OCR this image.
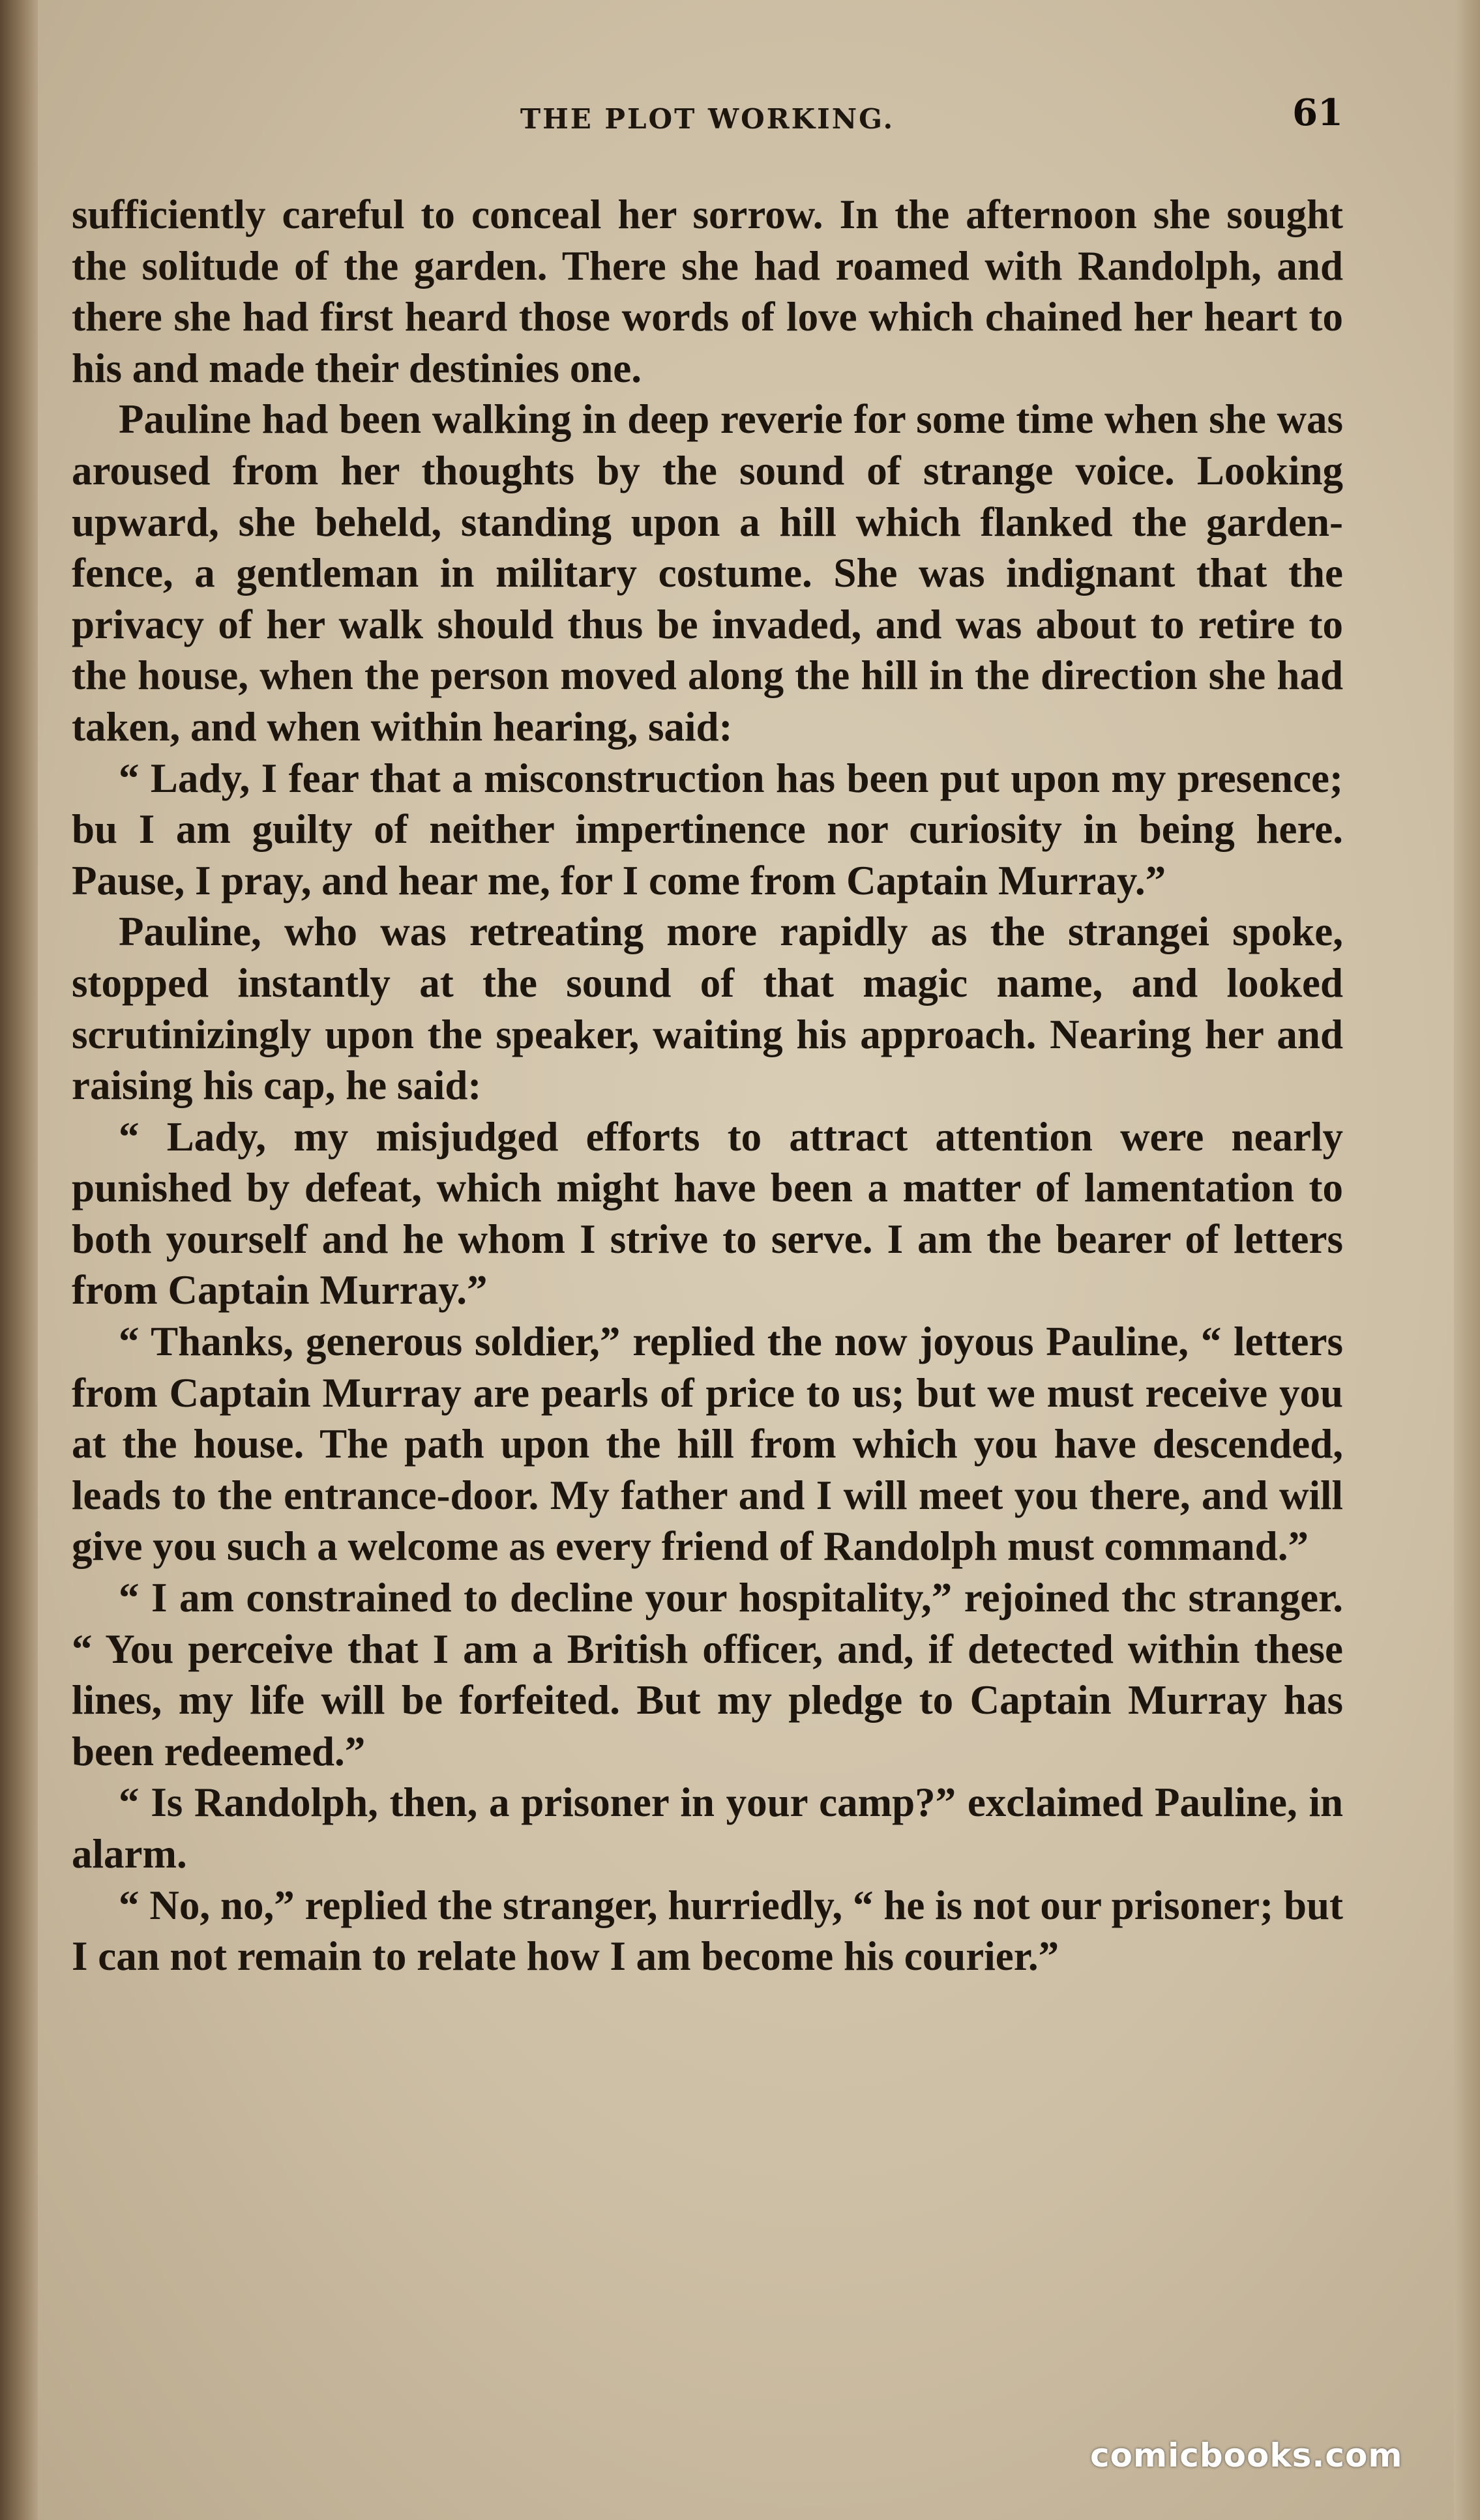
THE PLOT WORKING.	61

sufficiently careful to conceal her sorrow. In the afternoon she sought the solitude of the garden. There she had roamed with Randolph, and there she had first heard those words of love which chained her heart to his and made their destinies one.

Pauline had been walking in deep reverie for some time when she was aroused from her thoughts by the sound of strange voice. Looking upward, she beheld, standing upon a hill which flanked the garden-fence, a gentleman in military costume. She was indignant that the privacy of her walk should thus be invaded, and was about to retire to the house, when the person moved along the hill in the direction she had taken, and when within hearing, said:

“ Lady, I fear that a misconstruction has been put upon my presence; bu I am guilty of neither impertinence nor curiosity in being here. Pause, I pray, and hear me, for I come from Captain Murray.”

Pauline, who was retreating more rapidly as the strangei spoke, stopped instantly at the sound of that magic name, and looked scrutinizingly upon the speaker, waiting his approach. Nearing her and raising his cap, he said:

“ Lady, my misjudged efforts to attract attention were nearly punished by defeat, which might have been a matter of lamentation to both yourself and he whom I strive to serve. I am the bearer of letters from Captain Murray.”

“ Thanks, generous soldier,” replied the now joyous Pauline, “ letters from Captain Murray are pearls of price to us; but we must receive you at the house. The path upon the hill from which you have descended, leads to the entrance-door. My father and I will meet you there, and will give you such a welcome as every friend of Randolph must command.”

“ I am constrained to decline your hospitality,” rejoined thc stranger. “ You perceive that I am a British officer, and, if detected within these lines, my life will be forfeited. But my pledge to Captain Murray has been redeemed.”

“ Is Randolph, then, a prisoner in your camp?” exclaimed Pauline, in alarm.

“ No, no,” replied the stranger, hurriedly, “ he is not our prisoner; but I can not remain to relate how I am become his courier.”

comicbooks.com
